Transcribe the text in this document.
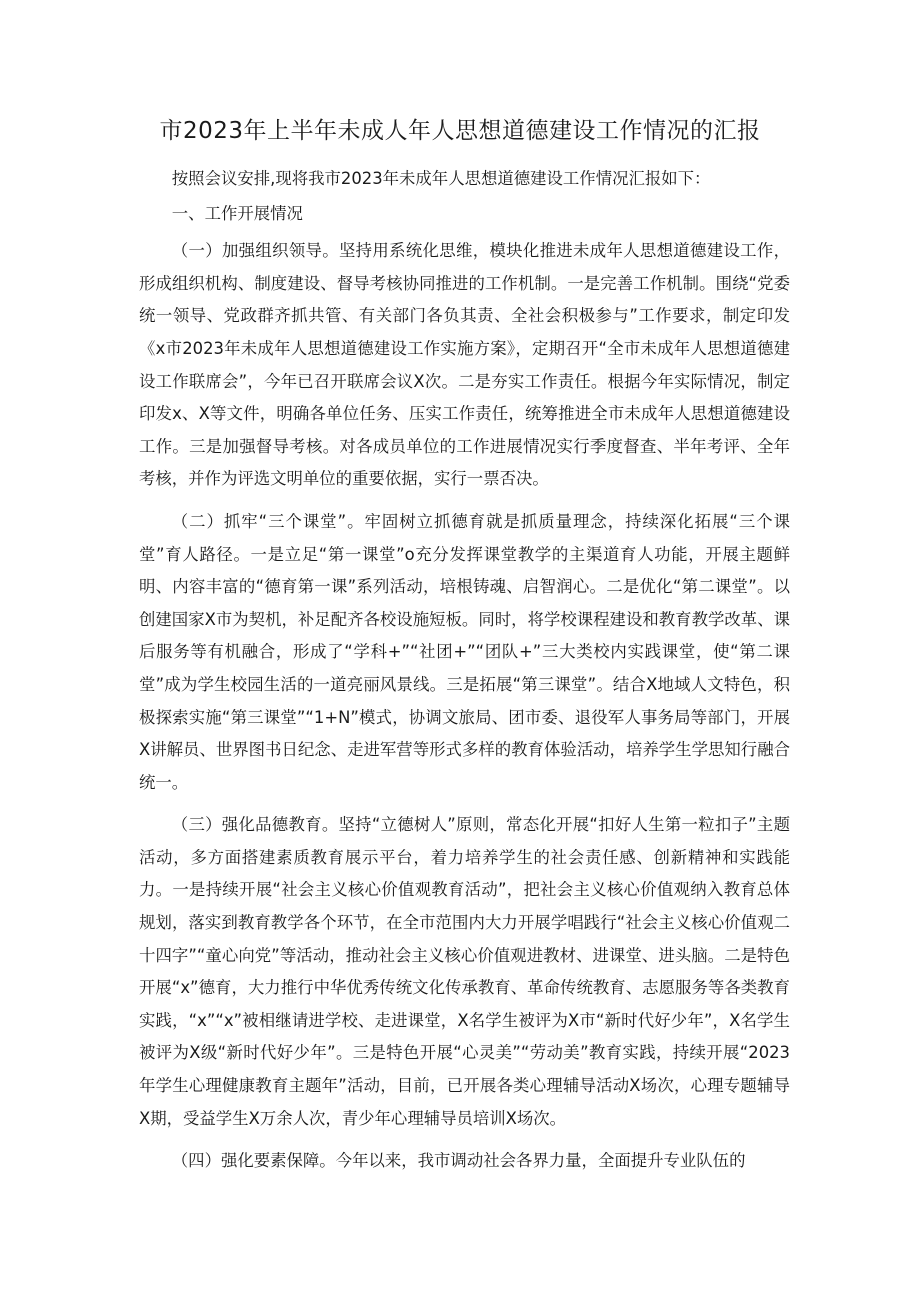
市2023年上半年未成人年人思想道德建设工作情况的汇报

按照会议安排,现将我市2023年未成年人思想道德建设工作情况汇报如下：

一、工作开展情况

（一）加强组织领导。坚持用系统化思维，模块化推进未成年人思想道德建设工作，形成组织机构、制度建设、督导考核协同推进的工作机制。一是完善工作机制。围绕“党委统一领导、党政群齐抓共管、有关部门各负其责、全社会积极参与”工作要求，制定印发《x市2023年未成年人思想道德建设工作实施方案》，定期召开“全市未成年人思想道德建设工作联席会”，今年已召开联席会议X次。二是夯实工作责任。根据今年实际情况，制定印发x、X等文件，明确各单位任务、压实工作责任，统筹推进全市未成年人思想道德建设工作。三是加强督导考核。对各成员单位的工作进展情况实行季度督查、半年考评、全年考核，并作为评选文明单位的重要依据，实行一票否决。

（二）抓牢“三个课堂”。牢固树立抓德育就是抓质量理念，持续深化拓展“三个课堂”育人路径。一是立足“第一课堂”o充分发挥课堂教学的主渠道育人功能，开展主题鲜明、内容丰富的“德育第一课”系列活动，培根铸魂、启智润心。二是优化“第二课堂”。以创建国家X市为契机，补足配齐各校设施短板。同时，将学校课程建设和教育教学改革、课后服务等有机融合，形成了“学科+”“社团+”“团队+”三大类校内实践课堂，使“第二课堂”成为学生校园生活的一道亮丽风景线。三是拓展“第三课堂”。结合X地域人文特色，积极探索实施“第三课堂”“1+N”模式，协调文旅局、团市委、退役军人事务局等部门，开展X讲解员、世界图书日纪念、走进军营等形式多样的教育体验活动，培养学生学思知行融合统一。

（三）强化品德教育。坚持“立德树人”原则，常态化开展“扣好人生第一粒扣子”主题活动，多方面搭建素质教育展示平台，着力培养学生的社会责任感、创新精神和实践能力。一是持续开展“社会主义核心价值观教育活动”，把社会主义核心价值观纳入教育总体规划，落实到教育教学各个环节，在全市范围内大力开展学唱践行“社会主义核心价值观二十四字”“童心向党”等活动，推动社会主义核心价值观进教材、进课堂、进头脑。二是特色开展“x”德育，大力推行中华优秀传统文化传承教育、革命传统教育、志愿服务等各类教育实践，“x”“x”被相继请进学校、走进课堂，X名学生被评为X市“新时代好少年”，X名学生被评为X级“新时代好少年”。三是特色开展“心灵美”“劳动美”教育实践，持续开展“2023年学生心理健康教育主题年”活动，目前，已开展各类心理辅导活动X场次，心理专题辅导X期，受益学生X万余人次，青少年心理辅导员培训X场次。

（四）强化要素保障。今年以来，我市调动社会各界力量，全面提升专业队伍的
